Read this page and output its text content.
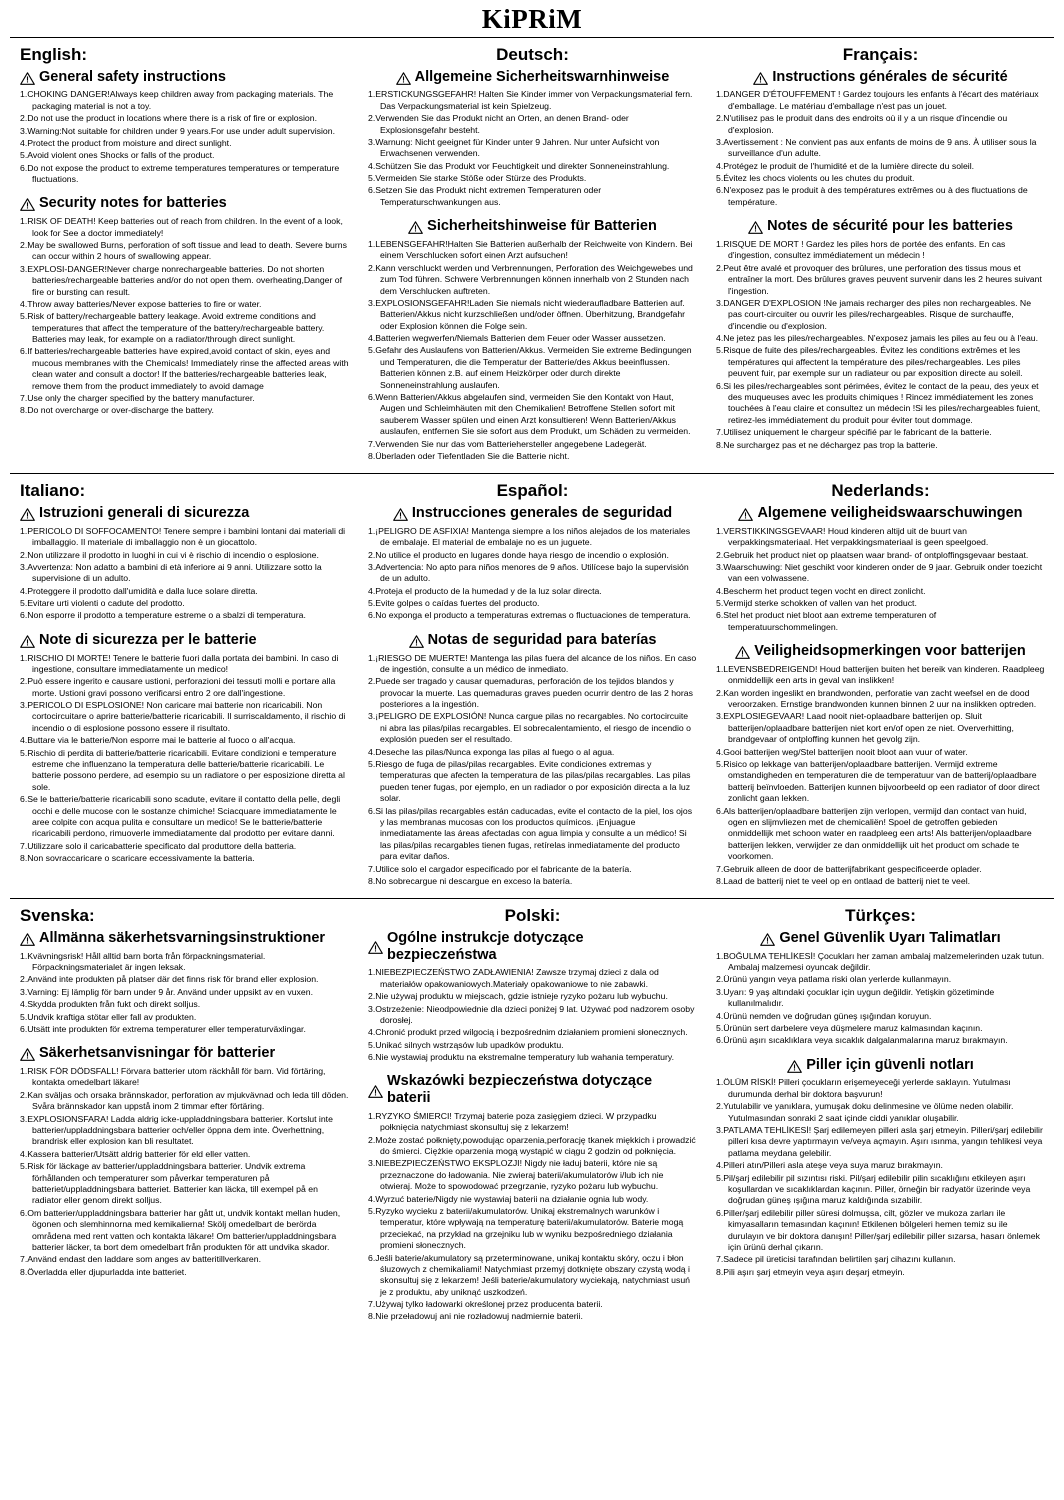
KiPRiM
English:
General safety instructions
1.CHOKING DANGER!Always keep children away from packaging materials. The packaging material is not a toy.
2.Do not use the product in locations where there is a risk of fire or explosion.
3.Warning:Not suitable for children under 9 years.For use under adult supervision.
4.Protect the product from moisture and direct sunlight.
5.Avoid violent ones Shocks or falls of the product.
6.Do not expose the product to extreme temperatures temperatures or temperature fluctuations.
Security notes for batteries
1.RISK OF DEATH! Keep batteries out of reach from children. In the event of a look, look for See a doctor immediately!
2.May be swallowed Burns, perforation of soft tissue and lead to death. Severe burns can occur within 2 hours of swallowing appear.
3.EXPLOSI-DANGER!Never charge nonrechargeable batteries. Do not shorten batteries/rechargeable batteries and/or do not open them. overheating,Danger of fire or bursting can result.
4.Throw away batteries/Never expose batteries to fire or water.
5.Risk of battery/rechargeable battery leakage. Avoid extreme conditions and temperatures that affect the temperature of the battery/rechargeable battery. Batteries may leak, for example on a radiator/through direct sunlight.
6.If batteries/rechargeable batteries have expired,avoid contact of skin, eyes and mucous membranes with the Chemicals! Immediately rinse the affected areas with clean water and consult a doctor! If the batteries/rechargeable batteries leak, remove them from the product immediately to avoid damage
7.Use only the charger specified by the battery manufacturer.
8.Do not overcharge or over-discharge the battery.
Deutsch:
Allgemeine Sicherheitswarnhinweise
1.ERSTICKUNGSGEFAHR! Halten Sie Kinder immer von Verpackungsmaterial fern. Das Verpackungsmaterial ist kein Spielzeug.
2.Verwenden Sie das Produkt nicht an Orten, an denen Brand- oder Explosionsgefahr besteht.
3.Warnung: Nicht geeignet für Kinder unter 9 Jahren. Nur unter Aufsicht von Erwachsenen verwenden.
4.Schützen Sie das Produkt vor Feuchtigkeit und direkter Sonneneinstrahlung.
5.Vermeiden Sie starke Stöße oder Stürze des Produkts.
6.Setzen Sie das Produkt nicht extremen Temperaturen oder Temperaturschwankungen aus.
Sicherheitshinweise für Batterien
1.LEBENSGEFAHR!Halten Sie Batterien außerhalb der Reichweite von Kindern. Bei einem Verschlucken sofort einen Arzt aufsuchen!
2.Kann verschluckt werden und Verbrennungen, Perforation des Weichgewebes und zum Tod führen. Schwere Verbrennungen können innerhalb von 2 Stunden nach dem Verschlucken auftreten.
3.EXPLOSIONSGEFAHR!Laden Sie niemals nicht wiederaufladbare Batterien auf. Batterien/Akkus nicht kurzschließen und/oder öffnen. Überhitzung, Brandgefahr oder Explosion können die Folge sein.
4.Batterien wegwerfen/Niemals Batterien dem Feuer oder Wasser aussetzen.
5.Gefahr des Auslaufens von Batterien/Akkus. Vermeiden Sie extreme Bedingungen und Temperaturen, die die Temperatur der Batterie/des Akkus beeinflussen. Batterien können z.B. auf einem Heizkörper oder durch direkte Sonneneinstrahlung auslaufen.
6.Wenn Batterien/Akkus abgelaufen sind, vermeiden Sie den Kontakt von Haut, Augen und Schleimhäuten mit den Chemikalien! Betroffene Stellen sofort mit sauberem Wasser spülen und einen Arzt konsultieren! Wenn Batterien/Akkus auslaufen, entfernen Sie sie sofort aus dem Produkt, um Schäden zu vermeiden.
7.Verwenden Sie nur das vom Batteriehersteller angegebene Ladegerät.
8.Überladen oder Tiefentladen Sie die Batterie nicht.
Français:
Instructions générales de sécurité
1.DANGER D'ÉTOUFFEMENT ! Gardez toujours les enfants à l'écart des matériaux d'emballage. Le matériau d'emballage n'est pas un jouet.
2.N'utilisez pas le produit dans des endroits où il y a un risque d'incendie ou d'explosion.
3.Avertissement : Ne convient pas aux enfants de moins de 9 ans. À utiliser sous la surveillance d'un adulte.
4.Protégez le produit de l'humidité et de la lumière directe du soleil.
5.Évitez les chocs violents ou les chutes du produit.
6.N'exposez pas le produit à des températures extrêmes ou à des fluctuations de température.
Notes de sécurité pour les batteries
1.RISQUE DE MORT ! Gardez les piles hors de portée des enfants. En cas d'ingestion, consultez immédiatement un médecin !
2.Peut être avalé et provoquer des brûlures, une perforation des tissus mous et entraîner la mort. Des brûlures graves peuvent survenir dans les 2 heures suivant l'ingestion.
3.DANGER D'EXPLOSION !Ne jamais recharger des piles non rechargeables. Ne pas court-circuiter ou ouvrir les piles/rechargeables. Risque de surchauffe, d'incendie ou d'explosion.
4.Ne jetez pas les piles/rechargeables. N'exposez jamais les piles au feu ou à l'eau.
5.Risque de fuite des piles/rechargeables. Évitez les conditions extrêmes et les températures qui affectent la température des piles/rechargeables. Les piles peuvent fuir, par exemple sur un radiateur ou par exposition directe au soleil.
6.Si les piles/rechargeables sont périmées, évitez le contact de la peau, des yeux et des muqueuses avec les produits chimiques ! Rincez immédiatement les zones touchées à l'eau claire et consultez un médecin !Si les piles/rechargeables fuient, retirez-les immédiatement du produit pour éviter tout dommage.
7.Utilisez uniquement le chargeur spécifié par le fabricant de la batterie.
8.Ne surchargez pas et ne déchargez pas trop la batterie.
Italiano:
Istruzioni generali di sicurezza
1.PERICOLO DI SOFFOCAMENTO! Tenere sempre i bambini lontani dai materiali di imballaggio. Il materiale di imballaggio non è un giocattolo.
2.Non utilizzare il prodotto in luoghi in cui vi è rischio di incendio o esplosione.
3.Avvertenza: Non adatto a bambini di età inferiore ai 9 anni. Utilizzare sotto la supervisione di un adulto.
4.Proteggere il prodotto dall'umidità e dalla luce solare diretta.
5.Evitare urti violenti o cadute del prodotto.
6.Non esporre il prodotto a temperature estreme o a sbalzi di temperatura.
Note di sicurezza per le batterie
1.RISCHIO DI MORTE! Tenere le batterie fuori dalla portata dei bambini. In caso di ingestione, consultare immediatamente un medico!
2.Può essere ingerito e causare ustioni, perforazioni dei tessuti molli e portare alla morte. Ustioni gravi possono verificarsi entro 2 ore dall'ingestione.
3.PERICOLO DI ESPLOSIONE! Non caricare mai batterie non ricaricabili. Non cortocircuitare o aprire batterie/batterie ricaricabili. Il surriscaldamento, il rischio di incendio o di esplosione possono essere il risultato.
4.Buttare via le batterie/Non esporre mai le batterie al fuoco o all'acqua.
5.Rischio di perdita di batterie/batterie ricaricabili. Evitare condizioni e temperature estreme che influenzano la temperatura delle batterie/batterie ricaricabili. Le batterie possono perdere, ad esempio su un radiatore o per esposizione diretta al sole.
6.Se le batterie/batterie ricaricabili sono scadute, evitare il contatto della pelle, degli occhi e delle mucose con le sostanze chimiche! Sciacquare immediatamente le aree colpite con acqua pulita e consultare un medico! Se le batterie/batterie ricaricabili perdono, rimuoverle immediatamente dal prodotto per evitare danni.
7.Utilizzare solo il caricabatterie specificato dal produttore della batteria.
8.Non sovraccaricare o scaricare eccessivamente la batteria.
Español:
Instrucciones generales de seguridad
1.¡PELIGRO DE ASFIXIA! Mantenga siempre a los niños alejados de los materiales de embalaje. El material de embalaje no es un juguete.
2.No utilice el producto en lugares donde haya riesgo de incendio o explosión.
3.Advertencia: No apto para niños menores de 9 años. Utilícese bajo la supervisión de un adulto.
4.Proteja el producto de la humedad y de la luz solar directa.
5.Evite golpes o caídas fuertes del producto.
6.No exponga el producto a temperaturas extremas o fluctuaciones de temperatura.
Notas de seguridad para baterías
1.¡RIESGO DE MUERTE! Mantenga las pilas fuera del alcance de los niños. En caso de ingestión, consulte a un médico de inmediato.
2.Puede ser tragado y causar quemaduras, perforación de los tejidos blandos y provocar la muerte. Las quemaduras graves pueden ocurrir dentro de las 2 horas posteriores a la ingestión.
3.¡PELIGRO DE EXPLOSIÓN! Nunca cargue pilas no recargables. No cortocircuite ni abra las pilas/pilas recargables. El sobrecalentamiento, el riesgo de incendio o explosión pueden ser el resultado.
4.Deseche las pilas/Nunca exponga las pilas al fuego o al agua.
5.Riesgo de fuga de pilas/pilas recargables. Evite condiciones extremas y temperaturas que afecten la temperatura de las pilas/pilas recargables. Las pilas pueden tener fugas, por ejemplo, en un radiador o por exposición directa a la luz solar.
6.Si las pilas/pilas recargables están caducadas, evite el contacto de la piel, los ojos y las membranas mucosas con los productos químicos. ¡Enjuague inmediatamente las áreas afectadas con agua limpia y consulte a un médico! Si las pilas/pilas recargables tienen fugas, retírelas inmediatamente del producto para evitar daños.
7.Utilice solo el cargador especificado por el fabricante de la batería.
8.No sobrecargue ni descargue en exceso la batería.
Nederlands:
Algemene veiligheidswaarschuwingen
1.VERSTIKKINGSGEVAAR! Houd kinderen altijd uit de buurt van verpakkingsmateriaal. Het verpakkingsmateriaal is geen speelgoed.
2.Gebruik het product niet op plaatsen waar brand- of ontploffingsgevaar bestaat.
3.Waarschuwing: Niet geschikt voor kinderen onder de 9 jaar. Gebruik onder toezicht van een volwassene.
4.Bescherm het product tegen vocht en direct zonlicht.
5.Vermijd sterke schokken of vallen van het product.
6.Stel het product niet bloot aan extreme temperaturen of temperatuurschommelingen.
Veiligheidsopmerkingen voor batterijen
1.LEVENSBEDREIGEND! Houd batterijen buiten het bereik van kinderen. Raadpleeg onmiddellijk een arts in geval van inslikken!
2.Kan worden ingeslikt en brandwonden, perforatie van zacht weefsel en de dood veroorzaken. Ernstige brandwonden kunnen binnen 2 uur na inslikken optreden.
3.EXPLOSIEGEVAAR! Laad nooit niet-oplaadbare batterijen op. Sluit batterijen/oplaadbare batterijen niet kort en/of open ze niet. Oververhitting, brandgevaar of ontploffing kunnen het gevolg zijn.
4.Gooi batterijen weg/Stel batterijen nooit bloot aan vuur of water.
5.Risico op lekkage van batterijen/oplaadbare batterijen. Vermijd extreme omstandigheden en temperaturen die de temperatuur van de batterij/oplaadbare batterij beïnvloeden. Batterijen kunnen bijvoorbeeld op een radiator of door direct zonlicht gaan lekken.
6.Als batterijen/oplaadbare batterijen zijn verlopen, vermijd dan contact van huid, ogen en slijmvliezen met de chemicaliën! Spoel de getroffen gebieden onmiddellijk met schoon water en raadpleeg een arts! Als batterijen/oplaadbare batterijen lekken, verwijder ze dan onmiddellijk uit het product om schade te voorkomen.
7.Gebruik alleen de door de batterijfabrikant gespecificeerde oplader.
8.Laad de batterij niet te veel op en ontlaad de batterij niet te veel.
Svenska:
Allmänna säkerhetsvarningsinstruktioner
1.Kvävningsrisk! Håll alltid barn borta från förpackningsmaterial. Förpackningsmaterialet är ingen leksak.
2.Använd inte produkten på platser där det finns risk för brand eller explosion.
3.Varning: Ej lämplig för barn under 9 år. Använd under uppsikt av en vuxen.
4.Skydda produkten från fukt och direkt solljus.
5.Undvik kraftiga stötar eller fall av produkten.
6.Utsätt inte produkten för extrema temperaturer eller temperaturväxlingar.
Säkerhetsanvisningar för batterier
1.RISK FÖR DÖDSFALL! Förvara batterier utom räckhåll för barn. Vid förtäring, kontakta omedelbart läkare!
2.Kan sväljas och orsaka brännskador, perforation av mjukvävnad och leda till döden. Svåra brännskador kan uppstå inom 2 timmar efter förtäring.
3.EXPLOSIONSFARA! Ladda aldrig icke-uppladdningsbara batterier. Kortslut inte batterier/uppladdningsbara batterier och/eller öppna dem inte. Överhettning, brandrisk eller explosion kan bli resultatet.
4.Kassera batterier/Utsätt aldrig batterier för eld eller vatten.
5.Risk för läckage av batterier/uppladdningsbara batterier. Undvik extrema förhållanden och temperaturer som påverkar temperaturen på batteriet/uppladdningsbara batteriet. Batterier kan läcka, till exempel på en radiator eller genom direkt solljus.
6.Om batterier/uppladdningsbara batterier har gått ut, undvik kontakt mellan huden, ögonen och slemhinnorna med kemikalierna! Skölj omedelbart de berörda områdena med rent vatten och kontakta läkare! Om batterier/uppladdningsbara batterier läcker, ta bort dem omedelbart från produkten för att undvika skador.
7.Använd endast den laddare som anges av batteritillverkaren.
8.Överladda eller djupurladda inte batteriet.
Polski:
Ogólne instrukcje dotyczące bezpieczeństwa
1.NIEBEZPIECZEŃSTWO ZADŁAWIENIA! Zawsze trzymaj dzieci z dala od materiałów opakowaniowych.Materiały opakowaniowe to nie zabawki.
2.Nie używaj produktu w miejscach, gdzie istnieje ryzyko pożaru lub wybuchu.
3.Ostrzeżenie: Nieodpowiednie dla dzieci poniżej 9 lat. Używać pod nadzorem osoby dorosłej.
4.Chronić produkt przed wilgocią i bezpośrednim działaniem promieni słonecznych.
5.Unikać silnych wstrząsów lub upadków produktu.
6.Nie wystawiaj produktu na ekstremalne temperatury lub wahania temperatury.
Wskazówki bezpieczeństwa dotyczące baterii
1.RYZYKO ŚMIERCI! Trzymaj baterie poza zasięgiem dzieci. W przypadku połknięcia natychmiast skonsultuj się z lekarzem!
2.Może zostać połknięty,powodując oparzenia,perforację tkanek miękkich i prowadzić do śmierci. Ciężkie oparzenia mogą wystąpić w ciągu 2 godzin od połknięcia.
3.NIEBEZPIECZEŃSTWO EKSPLOZJI! Nigdy nie ładuj baterii, które nie są przeznaczone do ładowania. Nie zwieraj baterii/akumulatorów i/lub ich nie otwieraj. Może to spowodować przegrzanie, ryzyko pożaru lub wybuchu.
4.Wyrzuć baterie/Nigdy nie wystawiaj baterii na działanie ognia lub wody.
5.Ryzyko wycieku z baterii/akumulatorów. Unikaj ekstremalnych warunków i temperatur, które wpływają na temperaturę baterii/akumulatorów. Baterie mogą przeciekać, na przykład na grzejniku lub w wyniku bezpośredniego działania promieni słonecznych.
6.Jeśli baterie/akumulatory są przeterminowane, unikaj kontaktu skóry, oczu i błon śluzowych z chemikaliami! Natychmiast przemyj dotknięte obszary czystą wodą i skonsultuj się z lekarzem! Jeśli baterie/akumulatory wyciekają, natychmiast usuń je z produktu, aby uniknąć uszkodzeń.
7.Używaj tylko ładowarki określonej przez producenta baterii.
8.Nie przeładowuj ani nie rozładowuj nadmiernie baterii.
Türkçes:
Genel Güvenlik Uyarı Talimatları
1.BOĞULMA TEHLİKESİ! Çocukları her zaman ambalaj malzemelerinden uzak tutun. Ambalaj malzemesi oyuncak değildir.
2.Ürünü yangın veya patlama riski olan yerlerde kullanmayın.
3.Uyarı: 9 yaş altındaki çocuklar için uygun değildir. Yetişkin gözetiminde kullanılmalıdır.
4.Ürünü nemden ve doğrudan güneş ışığından koruyun.
5.Ürünün sert darbelere veya düşmelere maruz kalmasından kaçının.
6.Ürünü aşırı sıcaklıklara veya sıcaklık dalgalanmalarına maruz bırakmayın.
Piller için güvenli notları
1.ÖLÜM RİSKİ! Pilleri çocukların erişemeyeceği yerlerde saklayın. Yutulması durumunda derhal bir doktora başvurun!
2.Yutulabilir ve yanıklara, yumuşak doku delinmesine ve ölüme neden olabilir. Yutulmasından sonraki 2 saat içinde ciddi yanıklar oluşabilir.
3.PATLAMA TEHLİKESİ! Şarj edilemeyen pilleri asla şarj etmeyin. Pilleri/şarj edilebilir pilleri kısa devre yaptırmayın ve/veya açmayın. Aşırı ısınma, yangın tehlikesi veya patlama meydana gelebilir.
4.Pilleri atın/Pilleri asla ateşe veya suya maruz bırakmayın.
5.Pil/şarj edilebilir pil sızıntısı riski. Pil/şarj edilebilir pilin sıcaklığını etkileyen aşırı koşullardan ve sıcaklıklardan kaçının. Piller, örneğin bir radyatör üzerinde veya doğrudan güneş ışığına maruz kaldığında sızabilir.
6.Piller/şarj edilebilir piller süresi dolmuşsa, cilt, gözler ve mukoza zarları ile kimyasalların temasından kaçının! Etkilenen bölgeleri hemen temiz su ile durulayın ve bir doktora danışın! Piller/şarj edilebilir piller sızarsa, hasarı önlemek için ürünü derhal çıkarın.
7.Sadece pil üreticisi tarafından belirtilen şarj cihazını kullanın.
8.Pili aşırı şarj etmeyin veya aşırı deşarj etmeyin.
